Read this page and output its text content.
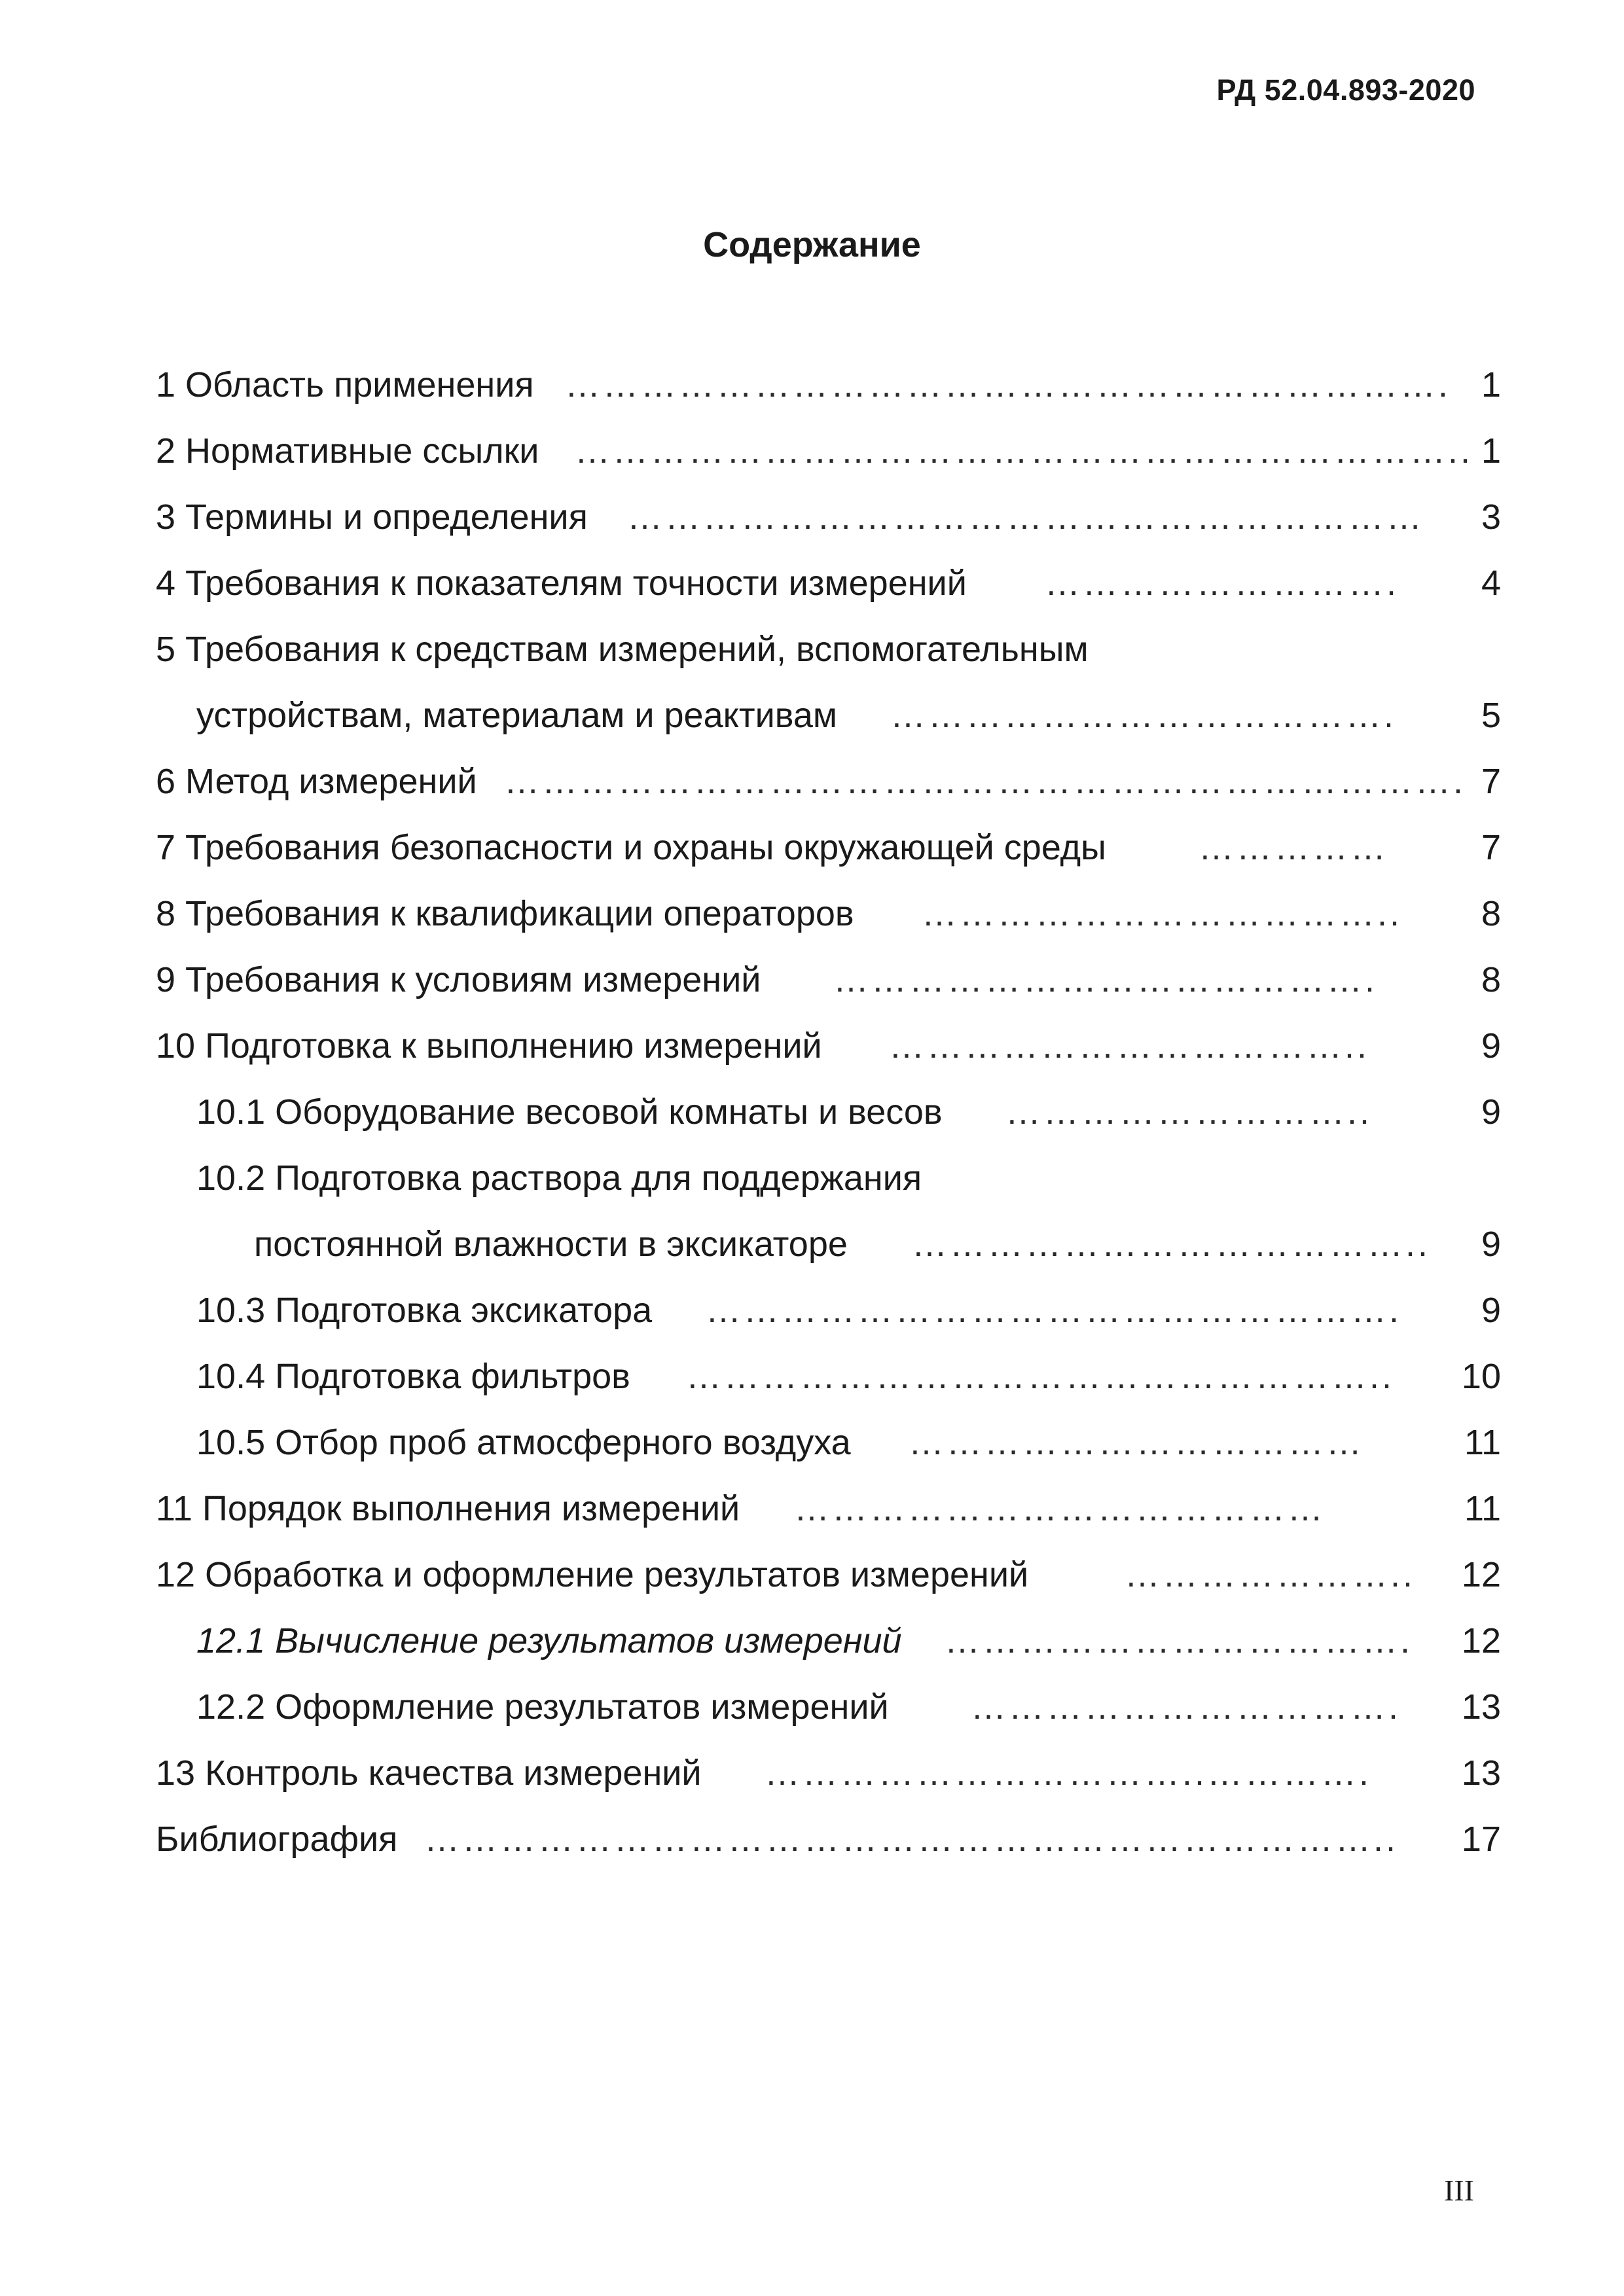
РД 52.04.893-2020
Содержание
1 Область применения ……………………………………………………………. 1
2 Нормативные ссылки …………………………………………………………….. 1
3 Термины и определения ………………………………………………………	3
4 Требования к показателям точности измерений ……………………….	4
5 Требования к средствам измерений, вспомогательным
устройствам, материалам и реактивам ………………………………….	5
6 Метод измерений …………………………………………………………………. 7
7 Требования безопасности и охраны окружающей среды	……………	7
8 Требования к квалификации операторов ………………………………..	8
9 Требования к условиям измерений …………………………………….	8
10 Подготовка к выполнению измерений ………………………………..	9
10.1 Оборудование весовой комнаты и весов ………………………..	9
10.2 Подготовка раствора для поддержания
постоянной влажности в эксикаторе …………………………………..	9
10.3 Подготовка эксикатора ……………………………………………….	9
10.4 Подготовка фильтров ………………………………………………..	10
10.5 Отбор проб атмосферного воздуха ………………………………	11
11 Порядок выполнения измерений ……………………………………	11
12 Обработка и оформление результатов измерений	…………………..	12
12.1 Вычисление результатов измерений ……………………………….	12
12.2 Оформление результатов измерений …………………………….	13
13 Контроль качества измерений ……………………………..………….	13
Библиография …………………………………………………………………..	17
III
